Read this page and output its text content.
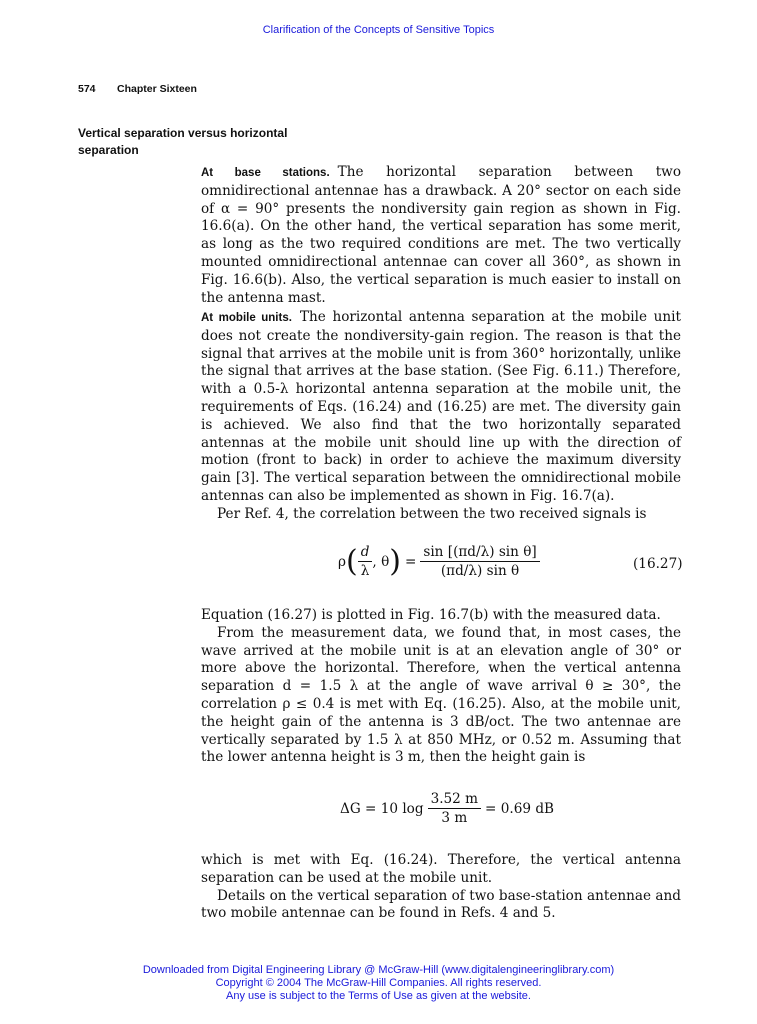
Clarification of the Concepts of Sensitive Topics
574 Chapter Sixteen
Vertical separation versus horizontal separation

At base stations. The horizontal separation between two omnidirectional antennae has a drawback. A 20° sector on each side of α = 90° presents the nondiversity gain region as shown in Fig. 16.6(a). On the other hand, the vertical separation has some merit, as long as the two required conditions are met. The two vertically mounted omnidirectional antennae can cover all 360°, as shown in Fig. 16.6(b). Also, the vertical separation is much easier to install on the antenna mast.

At mobile units. The horizontal antenna separation at the mobile unit does not create the nondiversity-gain region. The reason is that the signal that arrives at the mobile unit is from 360° horizontally, unlike the signal that arrives at the base station. (See Fig. 6.11.) Therefore, with a 0.5-λ horizontal antenna separation at the mobile unit, the requirements of Eqs. (16.24) and (16.25) are met. The diversity gain is achieved. We also find that the two horizontally separated antennas at the mobile unit should line up with the direction of motion (front to back) in order to achieve the maximum diversity gain [3]. The vertical separation between the omnidirectional mobile antennas can also be implemented as shown in Fig. 16.7(a).

Per Ref. 4, the correlation between the two received signals is

ρ ( $\frac{d}{\lambda}$ , θ ) = $\frac{\text{sin [(πd/λ) sin θ]}}{\text{(πd/λ) sin θ}}$	(16.27)

Equation (16.27) is plotted in Fig. 16.7(b) with the measured data.

From the measurement data, we found that, in most cases, the wave arrived at the mobile unit is at an elevation angle of 30° or more above the horizontal. Therefore, when the vertical antenna separation d = 1.5 λ at the angle of wave arrival θ ≥ 30°, the correlation ρ ≤ 0.4 is met with Eq. (16.25). Also, at the mobile unit, the height gain of the antenna is 3 dB/oct. The two antennae are vertically separated by 1.5 λ at 850 MHz, or 0.52 m. Assuming that the lower antenna height is 3 m, then the height gain is

ΔG = 10 $\log \frac{3.52 m}{3 m} = 0.69$ dB

which is met with Eq. (16.24). Therefore, the vertical antenna separation can be used at the mobile unit.

Details on the vertical separation of two base-station antennae and two mobile antennae can be found in Refs. 4 and 5.

Downloaded from Digital Engineering Library @ McGraw-Hill (www.digitalengineeringlibrary.com)
Copyright © 2004 The McGraw-Hill Companies. All rights reserved.
Any use is subject to the Terms of Use as given at the website.
